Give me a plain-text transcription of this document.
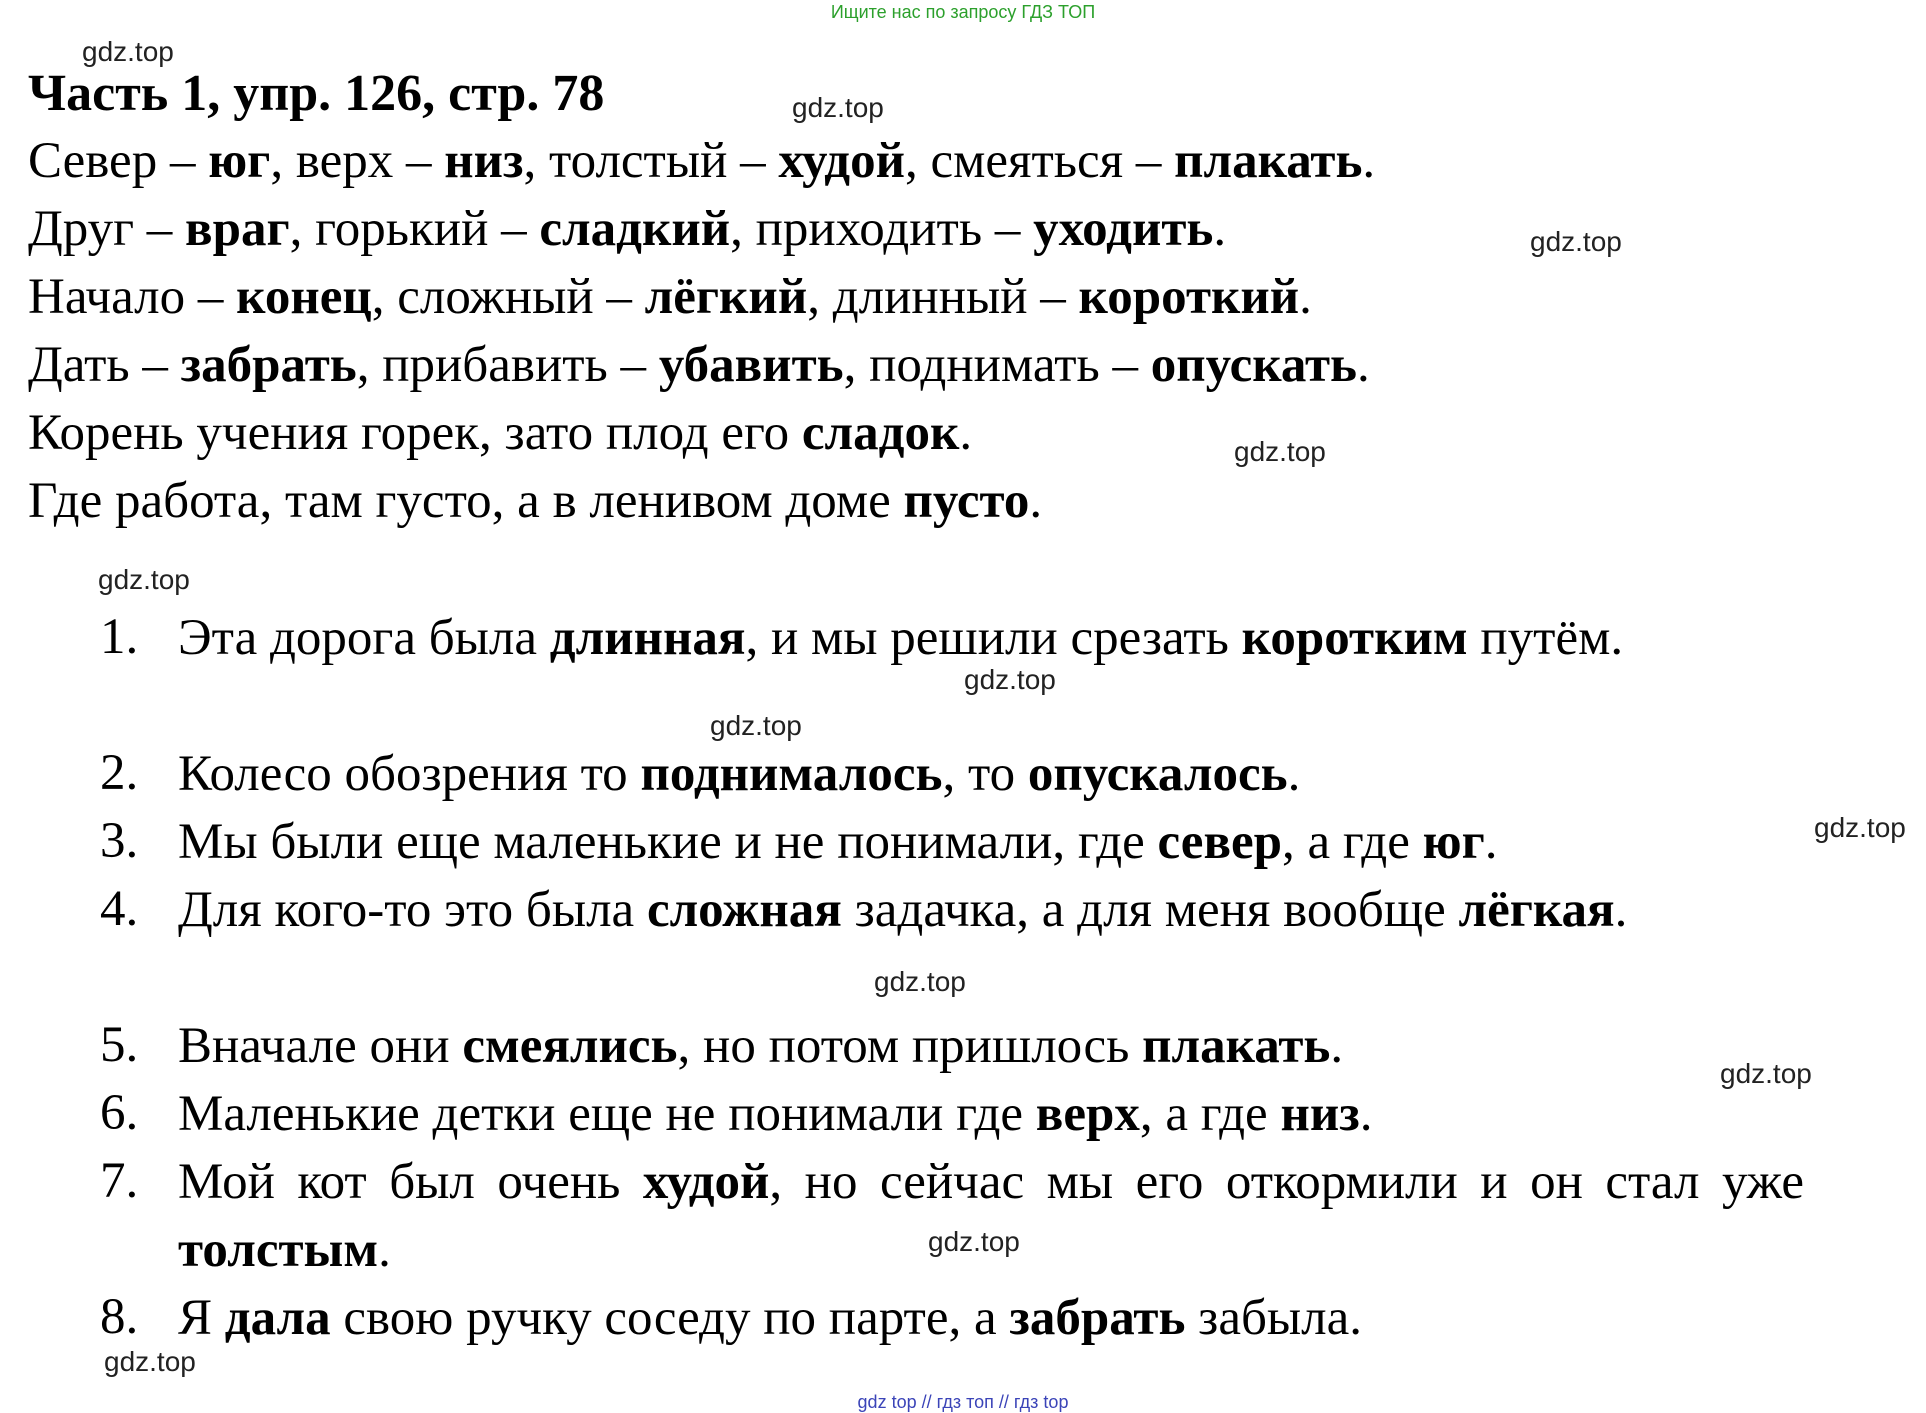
Ищите нас по запросу ГДЗ ТОП
gdz.top
gdz.top
gdz.top
gdz.top
gdz.top
gdz.top
gdz.top
gdz.top
gdz.top
gdz.top
gdz.top
gdz.top
Часть 1, упр. 126, стр. 78
Север – юг, верх – низ, толстый – худой, смеяться – плакать.
Друг – враг, горький – сладкий, приходить – уходить.
Начало – конец, сложный – лёгкий, длинный – короткий.
Дать – забрать, прибавить – убавить, поднимать – опускать.
Корень учения горек, зато плод его сладок.
Где работа, там густо, а в ленивом доме пусто.
1. Эта дорога была длинная, и мы решили срезать коротким путём.
2. Колесо обозрения то поднималось, то опускалось.
3. Мы были еще маленькие и не понимали, где север, а где юг.
4. Для кого-то это была сложная задачка, а для меня вообще лёгкая.
5. Вначале они смеялись, но потом пришлось плакать.
6. Маленькие детки еще не понимали где верх, а где низ.
7. Мой кот был очень худой, но сейчас мы его откормили и он стал уже толстым.
8. Я дала свою ручку соседу по парте, а забрать забыла.
gdz top // гдз топ // гдз top
